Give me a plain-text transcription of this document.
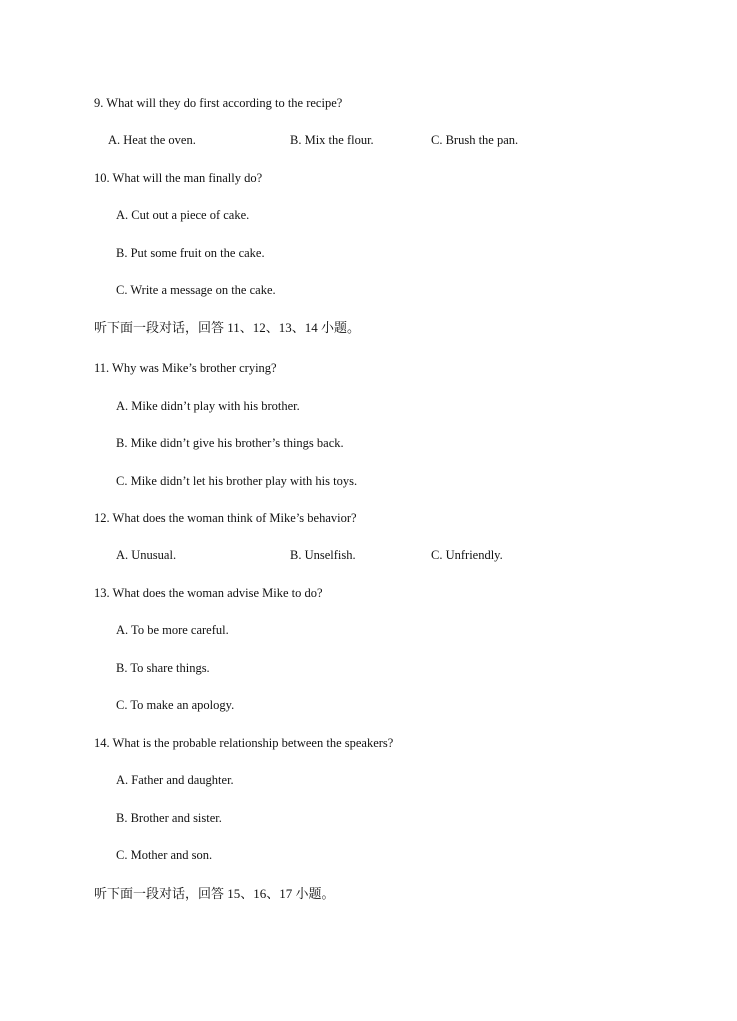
9. What will they do first according to the recipe?
A. Heat the oven.	B. Mix the flour.	C. Brush the pan.
10. What will the man finally do?
A. Cut out a piece of cake.
B. Put some fruit on the cake.
C. Write a message on the cake.
听下面一段对话，回答 11、12、13、14 小题。
11. Why was Mike’s brother crying?
A. Mike didn’t play with his brother.
B. Mike didn’t give his brother’s things back.
C. Mike didn’t let his brother play with his toys.
12. What does the woman think of Mike’s behavior?
A. Unusual.	B. Unselfish.	C. Unfriendly.
13. What does the woman advise Mike to do?
A. To be more careful.
B. To share things.
C. To make an apology.
14. What is the probable relationship between the speakers?
A. Father and daughter.
B. Brother and sister.
C. Mother and son.
听下面一段对话，回答 15、16、17 小题。
